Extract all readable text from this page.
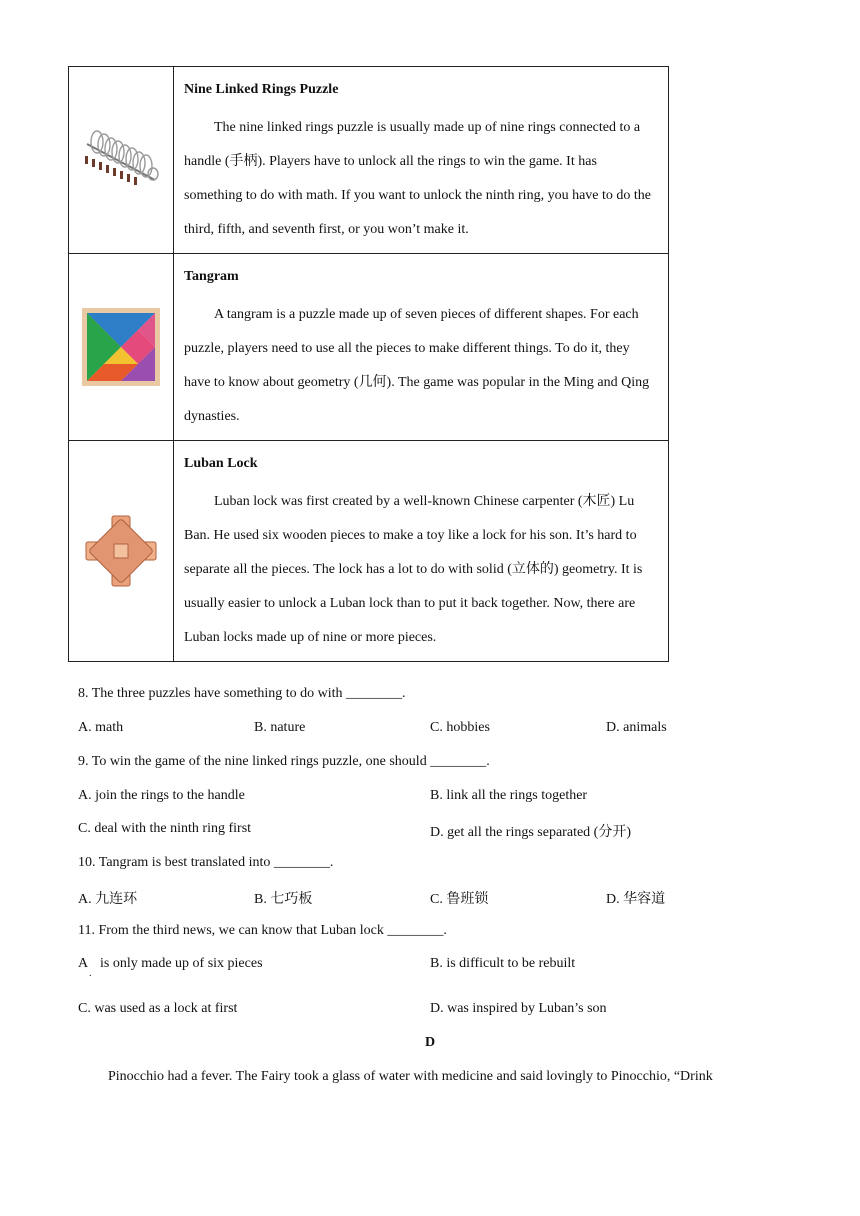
Nine Linked Rings Puzzle
The nine linked rings puzzle is usually made up of nine rings connected to a handle (手柄). Players have to unlock all the rings to win the game. It has something to do with math. If you want to unlock the ninth ring, you have to do the third, fifth, and seventh first, or you won’t make it.

Tangram
A tangram is a puzzle made up of seven pieces of different shapes. For each puzzle, players need to use all the pieces to make different things. To do it, they have to know about geometry (几何). The game was popular in the Ming and Qing dynasties.

Luban Lock
Luban lock was first created by a well-known Chinese carpenter (木匠) Lu Ban. He used six wooden pieces to make a toy like a lock for his son. It’s hard to separate all the pieces. The lock has a lot to do with solid (立体的) geometry. It is usually easier to unlock a Luban lock than to put it back together. Now, there are Luban locks made up of nine or more pieces.
8. The three puzzles have something to do with ________.
A. math	B. nature	C. hobbies	D. animals
9. To win the game of the nine linked rings puzzle, one should ________.
A. join the rings to the handle	B. link all the rings together
C. deal with the ninth ring first	D. get all the rings separated (分开)
10. Tangram is best translated into ________.
A. 九连环	B. 七巧板	C. 鲁班锁	D. 华容道
11. From the third news, we can know that Luban lock ________.
A
.
is only made up of six pieces	B. is difficult to be rebuilt
C. was used as a lock at first	D. was inspired by Luban’s son
D
Pinocchio had a fever. The Fairy took a glass of water with medicine and said lovingly to Pinocchio, “Drink
